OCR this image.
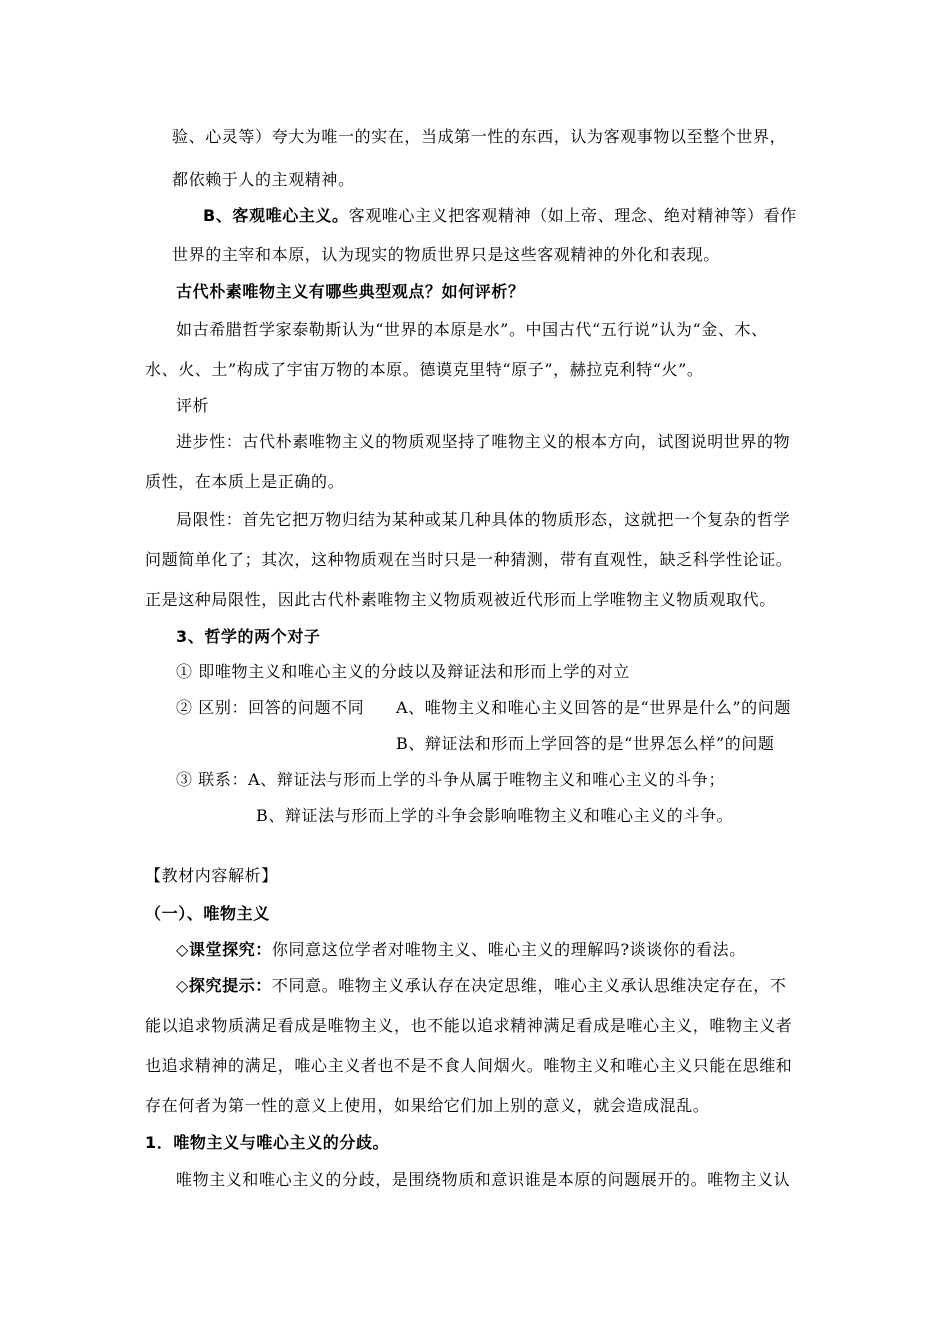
验、心灵等）夸大为唯一的实在，当成第一性的东西，认为客观事物以至整个世界，
都依赖于人的主观精神。
B、客观唯心主义。客观唯心主义把客观精神（如上帝、理念、绝对精神等）看作
世界的主宰和本原，认为现实的物质世界只是这些客观精神的外化和表现。
古代朴素唯物主义有哪些典型观点？如何评析？
如古希腊哲学家泰勒斯认为“世界的本原是水”。中国古代“五行说”认为“金、木、
水、火、土”构成了宇宙万物的本原。德谟克里特“原子”，赫拉克利特“火”。
评析
进步性：古代朴素唯物主义的物质观坚持了唯物主义的根本方向，试图说明世界的物
质性，在本质上是正确的。
局限性：首先它把万物归结为某种或某几种具体的物质形态，这就把一个复杂的哲学
问题简单化了；其次，这种物质观在当时只是一种猜测，带有直观性，缺乏科学性论证。
正是这种局限性，因此古代朴素唯物主义物质观被近代形而上学唯物主义物质观取代。
3、哲学的两个对子
① 即唯物主义和唯心主义的分歧以及辩证法和形而上学的对立
② 区别：回答的问题不同 A、唯物主义和唯心主义回答的是“世界是什么”的问题
B、辩证法和形而上学回答的是“世界怎么样”的问题
③ 联系：A、辩证法与形而上学的斗争从属于唯物主义和唯心主义的斗争；
B、辩证法与形而上学的斗争会影响唯物主义和唯心主义的斗争。
【教材内容解析】
（一）、唯物主义
◇课堂探究：你同意这位学者对唯物主义、唯心主义的理解吗?谈谈你的看法。
◇探究提示：不同意。唯物主义承认存在决定思维，唯心主义承认思维决定存在，不
能以追求物质满足看成是唯物主义，也不能以追求精神满足看成是唯心主义，唯物主义者
也追求精神的满足，唯心主义者也不是不食人间烟火。唯物主义和唯心主义只能在思维和
存在何者为第一性的意义上使用，如果给它们加上别的意义，就会造成混乱。
1．唯物主义与唯心主义的分歧。
唯物主义和唯心主义的分歧，是围绕物质和意识谁是本原的问题展开的。唯物主义认
